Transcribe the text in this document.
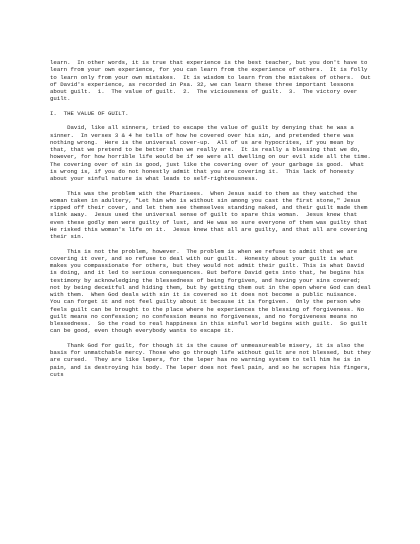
learn.  In other words, it is true that experience is the best teacher, but you don't have to learn from your own experience, for you can learn from the experience of others.  It is folly to learn only from your own mistakes.  It is wisdom to learn from the mistakes of others.  Out of David's experience, as recorded in Psa. 32, we can learn these three important lessons about guilt.  1.  The value of guilt.  2.  The viciousness of guilt.  3.  The victory over guilt.

I.  THE VALUE OF GUILT.

David, like all sinners, tried to escape the value of guilt by denying that he was a sinner.  In verses 3 & 4 he tells of how he covered over his sin, and pretended there was nothing wrong.  Here is the universal cover-up.  All of us are hypocrites, if you mean by that, that we pretend to be better than we really are.  It is really a blessing that we do, however, for how horrible life would be if we were all dwelling on our evil side all the time.  The covering over of sin is good, just like the covering over of your garbage is good.  What is wrong is, if you do not honestly admit that you are covering it.  This lack of honesty about your sinful nature is what leads to self-righteousness.

This was the problem with the Pharisees.  When Jesus said to them as they watched the woman taken in adultery, "Let him who is without sin among you cast the first stone," Jesus ripped off their cover, and let them see themselves standing naked, and their guilt made them slink away.  Jesus used the universal sense of guilt to spare this woman.  Jesus knew that even these godly men were guilty of lust, and He was so sure everyone of them was guilty that He risked this woman's life on it.  Jesus knew that all are guilty, and that all are covering their sin.

This is not the problem, however.  The problem is when we refuse to admit that we are covering it over, and so refuse to deal with our guilt.  Honesty about your guilt is what makes you compassionate for others, but they would not admit their guilt. This is what David is doing, and it led to serious consequences. But before David gets into that, he begins his testimony by acknowledging the blessedness of being forgiven, and having your sins covered; not by being deceitful and hiding them, but by getting them out in the open where God can deal with them.  When God deals with sin it is covered so it does not become a public nuisance.  You can forget it and not feel guilty about it because it is forgiven.  Only the person who feels guilt can be brought to the place where he experiences the blessing of forgiveness. No guilt means no confession; no confession means no forgiveness, and no forgiveness means no blessedness.  So the road to real happiness in this sinful world begins with guilt.  So guilt can be good, even though everybody wants to escape it.

Thank God for guilt, for though it is the cause of unmeasureable misery, it is also the basis for unmatchable mercy. Those who go through life without guilt are not blessed, but they are cursed.  They are like lepers, for the leper has no warning system to tell him he is in pain, and is destroying his body. The leper does not feel pain, and so he scrapes his fingers, cuts
